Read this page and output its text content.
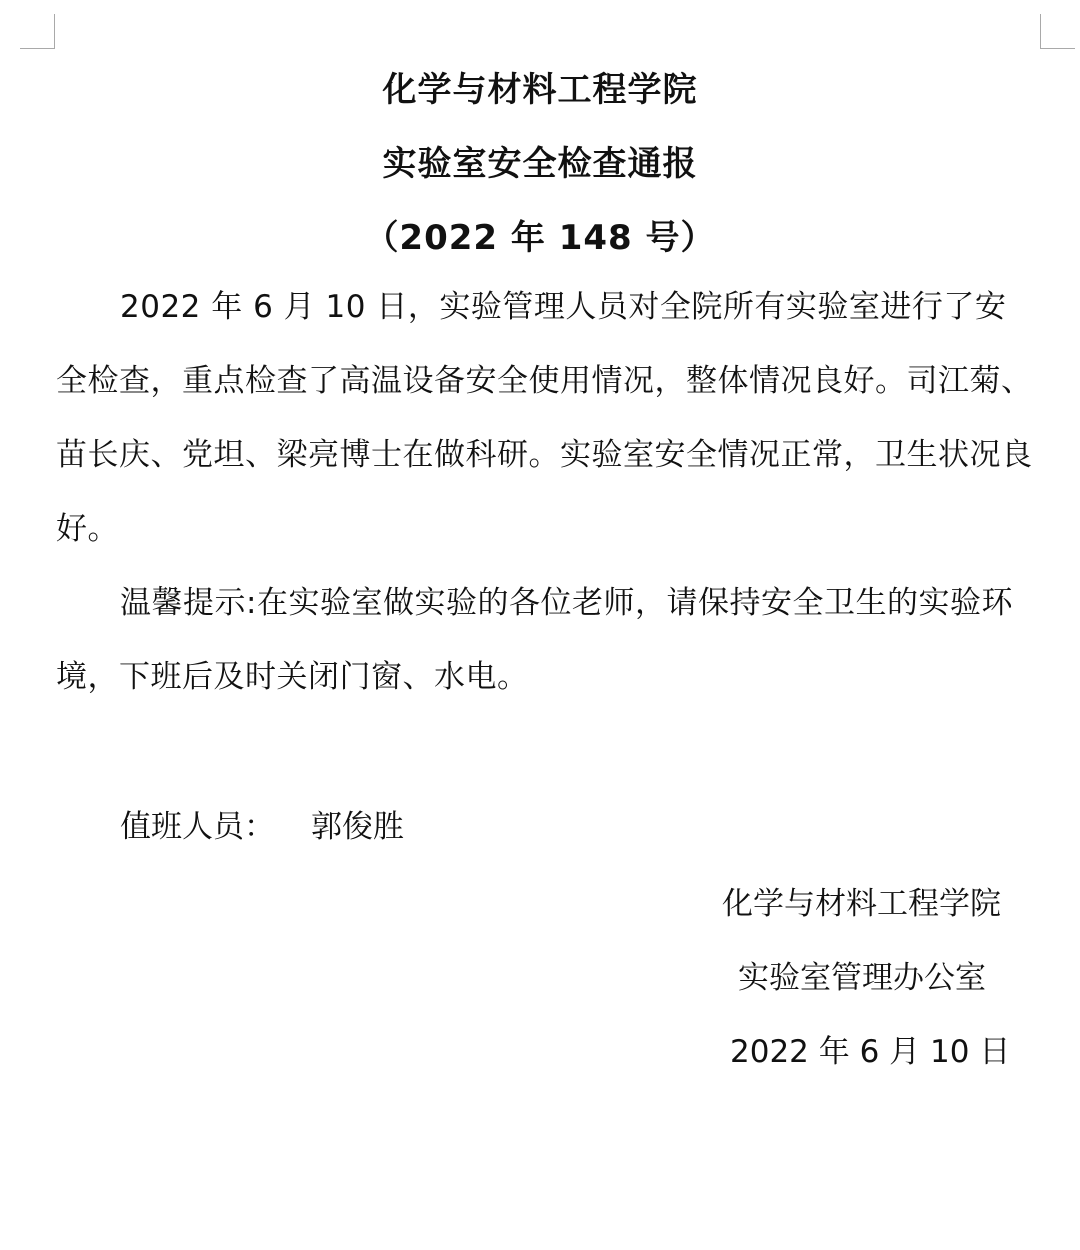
化学与材料工程学院
实验室安全检查通报
（2022 年 148 号）

2022 年 6 月 10 日，实验管理人员对全院所有实验室进行了安全检查，重点检查了高温设备安全使用情况，整体情况良好。司江菊、苗长庆、党坦、梁亮博士在做科研。实验室安全情况正常，卫生状况良好。

温馨提示:在实验室做实验的各位老师，请保持安全卫生的实验环境，下班后及时关闭门窗、水电。

值班人员： 郭俊胜
化学与材料工程学院
实验室管理办公室
2022 年 6 月 10 日
